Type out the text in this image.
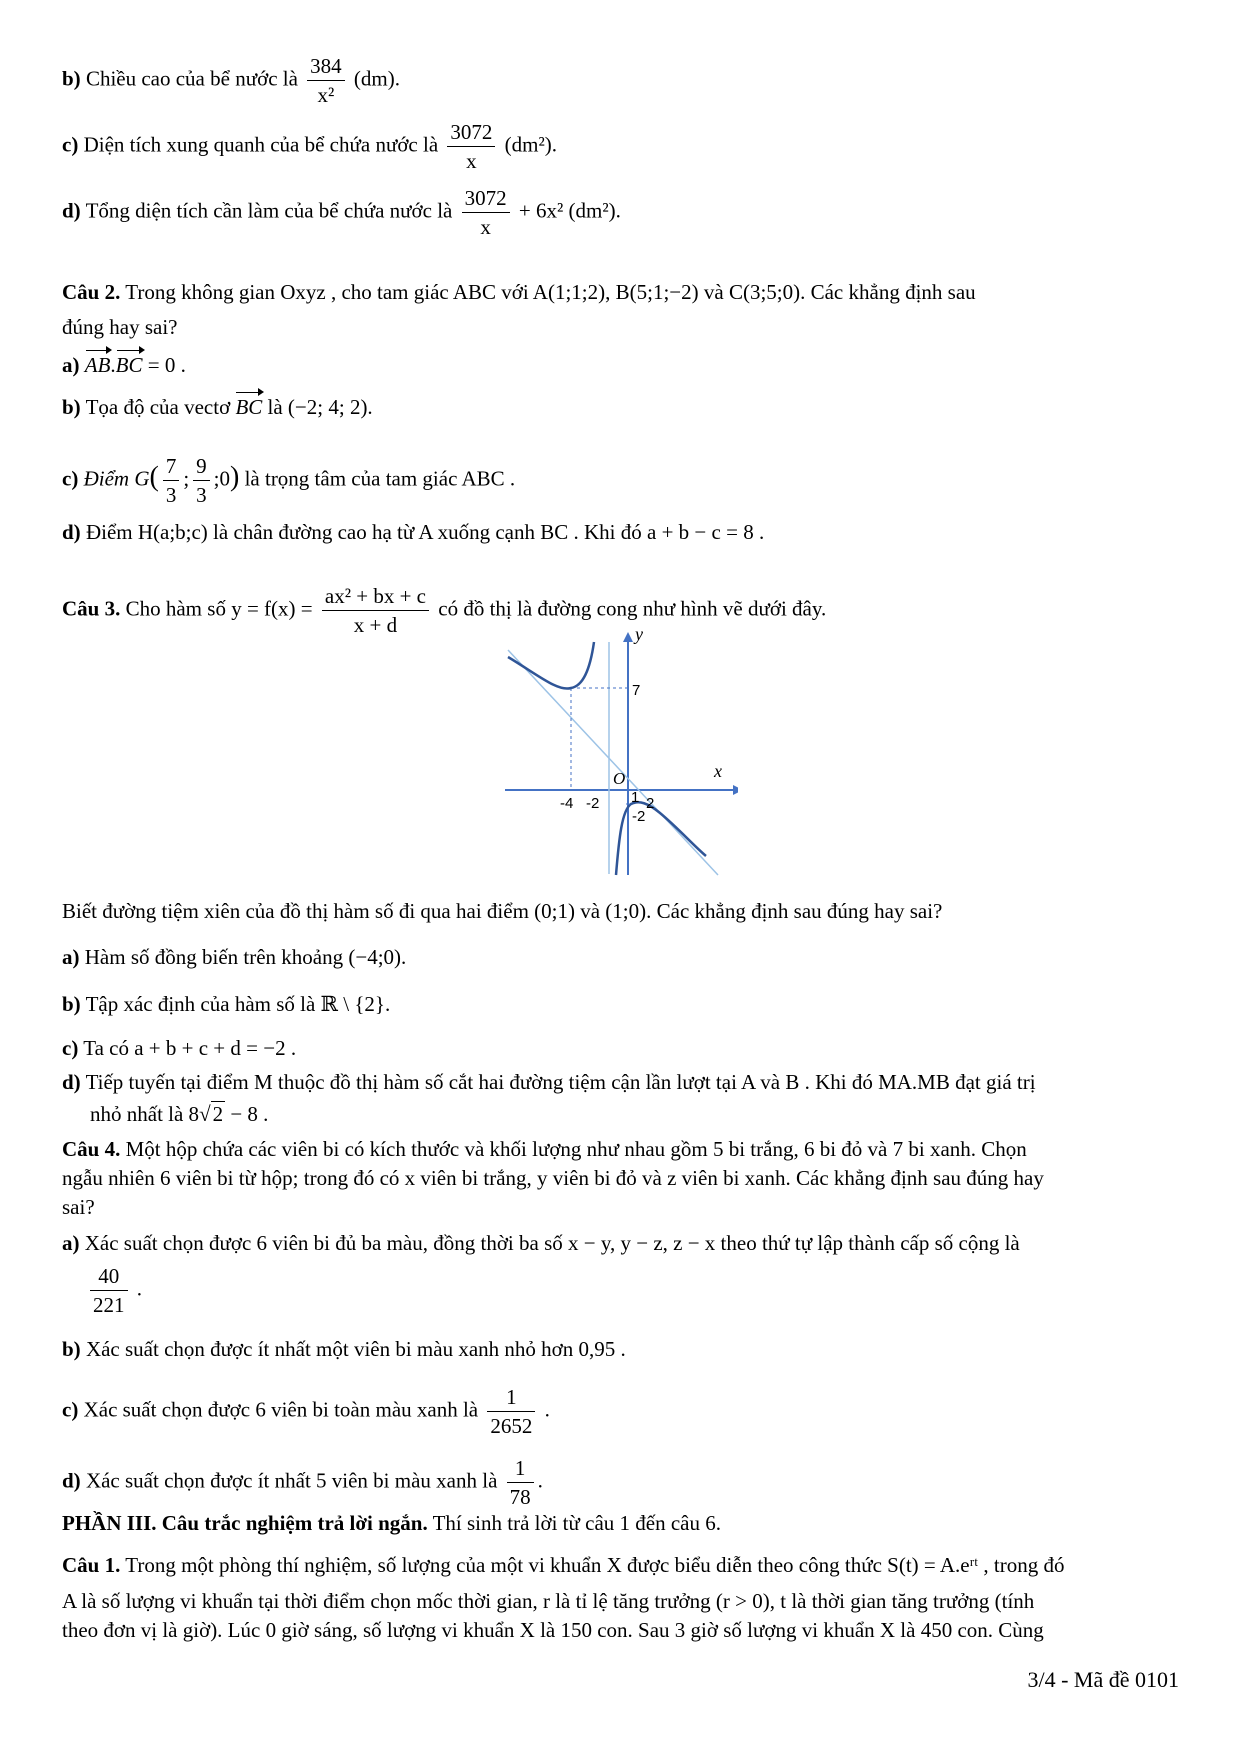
b) Chiều cao của bể nước là $\frac{384}{\text{x²}} (dm)$.
c) Diện tích xung quanh của bể chứa nước là $\frac{3072}{x} (dm^2)$.
d) Tổng diện tích cần làm của bể chứa nước là $\frac{3072}{x} + 6x^2$ (dm²).
Câu 2. Trong không gian Oxyz , cho tam giác ABC với A(1;1;2), B(5;1;−2) và C(3;5;0). Các khẳng định sau
đúng hay sai?
a) AB.BC = 0 .
b) Tọa độ của vectơ BC là (−2; 4; 2).
c) Điểm $G( \frac{7}{3}$ ; $\frac{9}{3}$ ;0) là trọng tâm của tam giác ABC .
d) Điểm H(a;b;c) là chân đường cao hạ từ A xuống cạnh BC . Khi đó a + b − c = 8 .
Câu 3. Cho hàm số $y = f(x) = \frac{\text{ax² + bx + c}}{x + d}$ có đồ thị là đường cong như hình vẽ dưới đây.
y
x
O
7
-4 -2 1 2
-2
Biết đường tiệm xiên của đồ thị hàm số đi qua hai điểm (0;1) và (1;0). Các khẳng định sau đúng hay sai?
a) Hàm số đồng biến trên khoảng (−4;0).
b) Tập xác định của hàm số là ℝ \ {2}.
c) Ta có a + b + c + d = −2 .
d) Tiếp tuyến tại điểm M thuộc đồ thị hàm số cắt hai đường tiệm cận lần lượt tại A và B . Khi đó MA.MB đạt giá trị
nhỏ nhất là 8√2 − 8 .
Câu 4. Một hộp chứa các viên bi có kích thước và khối lượng như nhau gồm 5 bi trắng, 6 bi đỏ và 7 bi xanh. Chọn
ngẫu nhiên 6 viên bi từ hộp; trong đó có x viên bi trắng, y viên bi đỏ và z viên bi xanh. Các khẳng định sau đúng hay
sai?
a) Xác suất chọn được 6 viên bi đủ ba màu, đồng thời ba số x − y, y − z, z − x theo thứ tự lập thành cấp số cộng là
$\frac{40}{221}$ .
b) Xác suất chọn được ít nhất một viên bi màu xanh nhỏ hơn 0,95 .
c) Xác suất chọn được 6 viên bi toàn màu xanh là $\frac{1}{2652}$ .
d) Xác suất chọn được ít nhất 5 viên bi màu xanh là $\frac{1}{78}$ .
PHẦN III. Câu trắc nghiệm trả lời ngắn. Thí sinh trả lời từ câu 1 đến câu 6.
Câu 1. Trong một phòng thí nghiệm, số lượng của một vi khuẩn X được biểu diễn theo công thức S(t) = A.eʳᵗ , trong đó
A là số lượng vi khuẩn tại thời điểm chọn mốc thời gian, r là tỉ lệ tăng trưởng (r > 0), t là thời gian tăng trưởng (tính
theo đơn vị là giờ). Lúc 0 giờ sáng, số lượng vi khuẩn X là 150 con. Sau 3 giờ số lượng vi khuẩn X là 450 con. Cùng
3/4 - Mã đề 0101
